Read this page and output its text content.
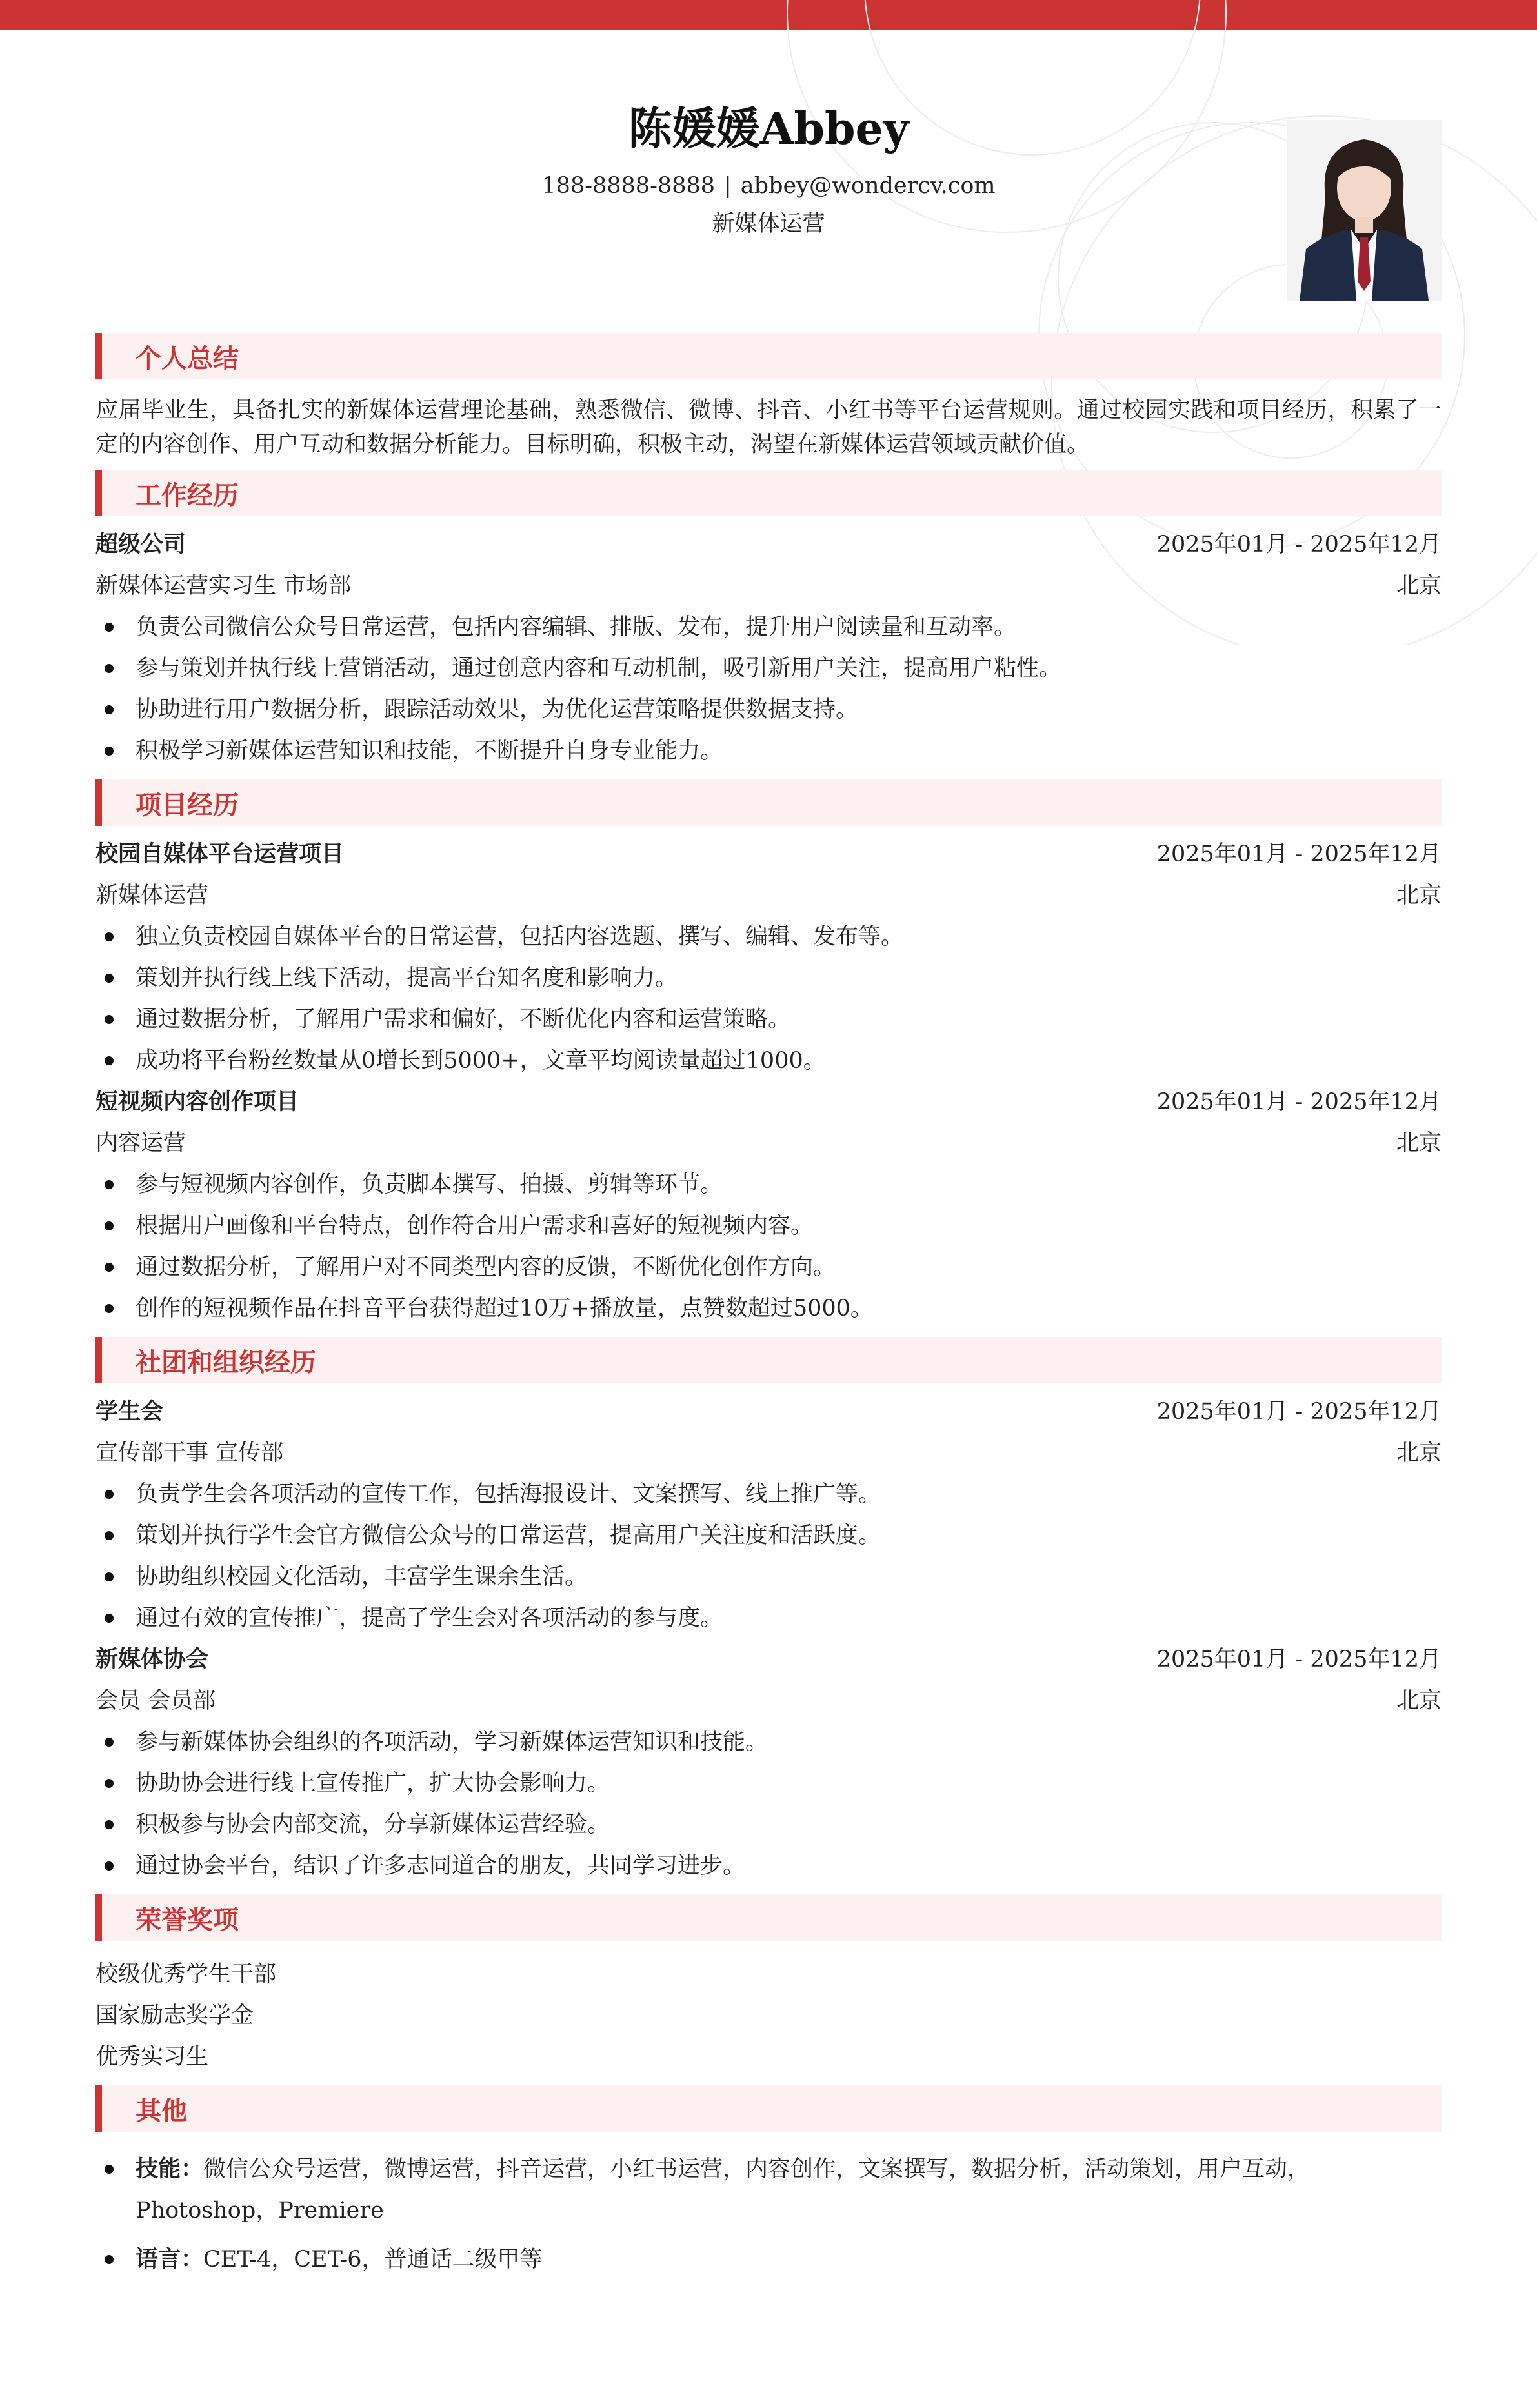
陈媛媛Abbey
188-8888-8888 | abbey@wondercv.com
新媒体运营
个人总结
应届毕业生，具备扎实的新媒体运营理论基础，熟悉微信、微博、抖音、小红书等平台运营规则。通过校园实践和项目经历，积累了一定的内容创作、用户互动和数据分析能力。目标明确，积极主动，渴望在新媒体运营领域贡献价值。
工作经历
超级公司	2025年01月 - 2025年12月
新媒体运营实习生 市场部	北京
负责公司微信公众号日常运营，包括内容编辑、排版、发布，提升用户阅读量和互动率。
参与策划并执行线上营销活动，通过创意内容和互动机制，吸引新用户关注，提高用户粘性。
协助进行用户数据分析，跟踪活动效果，为优化运营策略提供数据支持。
积极学习新媒体运营知识和技能，不断提升自身专业能力。
项目经历
校园自媒体平台运营项目	2025年01月 - 2025年12月
新媒体运营	北京
独立负责校园自媒体平台的日常运营，包括内容选题、撰写、编辑、发布等。
策划并执行线上线下活动，提高平台知名度和影响力。
通过数据分析，了解用户需求和偏好，不断优化内容和运营策略。
成功将平台粉丝数量从0增长到5000+，文章平均阅读量超过1000。
短视频内容创作项目	2025年01月 - 2025年12月
内容运营	北京
参与短视频内容创作，负责脚本撰写、拍摄、剪辑等环节。
根据用户画像和平台特点，创作符合用户需求和喜好的短视频内容。
通过数据分析，了解用户对不同类型内容的反馈，不断优化创作方向。
创作的短视频作品在抖音平台获得超过10万+播放量，点赞数超过5000。
社团和组织经历
学生会	2025年01月 - 2025年12月
宣传部干事 宣传部	北京
负责学生会各项活动的宣传工作，包括海报设计、文案撰写、线上推广等。
策划并执行学生会官方微信公众号的日常运营，提高用户关注度和活跃度。
协助组织校园文化活动，丰富学生课余生活。
通过有效的宣传推广，提高了学生会对各项活动的参与度。
新媒体协会	2025年01月 - 2025年12月
会员 会员部	北京
参与新媒体协会组织的各项活动，学习新媒体运营知识和技能。
协助协会进行线上宣传推广，扩大协会影响力。
积极参与协会内部交流，分享新媒体运营经验。
通过协会平台，结识了许多志同道合的朋友，共同学习进步。
荣誉奖项
校级优秀学生干部
国家励志奖学金
优秀实习生
其他
技能：微信公众号运营，微博运营，抖音运营，小红书运营，内容创作，文案撰写，数据分析，活动策划，用户互动，Photoshop，Premiere
语言：CET-4，CET-6，普通话二级甲等
